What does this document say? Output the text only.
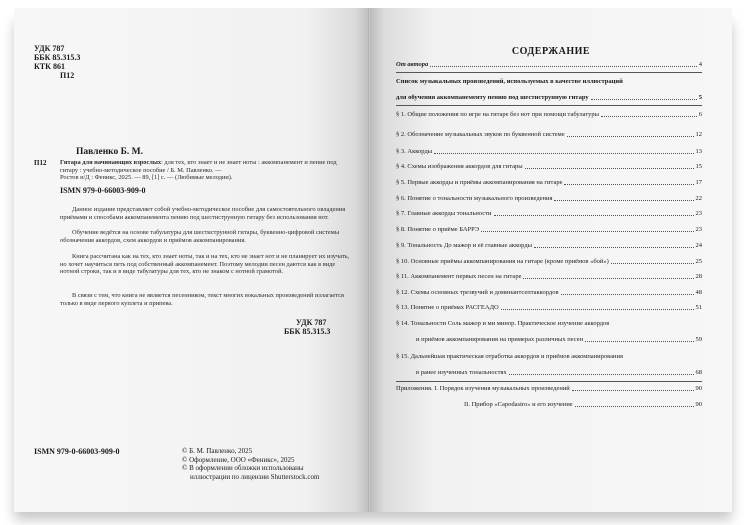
УДК 787
ББК 85.315.3
КТК 861
П12
Павленко Б. М.
П12 Гитара для начинающих взрослых: для тех, кто знает и не знает ноты : аккомпанемент и пение под гитару : учебно-методическое пособие / Б. М. Павленко. —
Ростов н/Д : Феникс, 2025. — 89, [1] с. — (Любимые мелодии).
ISMN 979-0-66003-909-0
Данное издание представляет собой учебно-методическое пособие для самостоятельного овладения приёмами и способами аккомпанемента пению под шестиструнную гитару без использования нот.
Обучение ведётся на основе табулатуры для шестиструнной гитары, буквенно-цифровой системы обозначения аккордов, схем аккордов и приёмов аккомпанирования.
Книга рассчитана как на тех, кто знает ноты, так и на тех, кто не знает нот и не планирует их изучать, но хочет научиться петь под собственный аккомпанемент. Поэтому мелодии песен даются как в виде нотной строки, так и в виде табулатуры для тех, кто не знаком с нотной грамотой.
В связи с тем, что книга не является песенником, текст многих вокальных произведений излагается только в виде первого куплета и припева.
УДК 787
ББК 85.315.3
ISMN 979-0-66003-909-0	© Б. М. Павленко, 2025
© Оформление, ООО «Феникс», 2025
© В оформлении обложки использованы
иллюстрации по лицензии Shutterstock.com
СОДЕРЖАНИЕ
От автора	4
Список музыкальных произведений, используемых в качестве иллюстраций
для обучения аккомпанементу пению под шестиструнную гитару	5
§ 1. Общие положения по игре на гитаре без нот при помощи табулатуры	6
§ 2. Обозначение музыкальных звуков по буквенной системе	12
§ 3. Аккорды	13
§ 4. Схемы изображения аккордов для гитары	15
§ 5. Первые аккорды и приёмы аккомпанирования на гитаре	17
§ 6. Понятие о тональности музыкального произведения	22
§ 7. Главные аккорды тональности	23
§ 8. Понятие о приёме БАРРЭ	23
§ 9. Тональность До мажор и её главные аккорды	24
§ 10. Основные приёмы аккомпанирования на гитаре (кроме приёмов «бой»)	25
§ 11. Аккомпанемент первых песен на гитаре	28
§ 12. Схемы основных трезвучий и доминантсептаккордов	48
§ 13. Понятие о приёмах РАСГЕАДО	51
§ 14. Тональности Соль мажор и ми минор. Практическое изучение аккордов
и приёмов аккомпанирования на примерах различных песен	59
§ 15. Дальнейшая практическая отработка аккордов и приёмов аккомпанирования
в ранее изученных тональностях	68
Приложения. I. Порядок изучения музыкальных произведений	90
II. Прибор «Capodastro» и его изучение	90
